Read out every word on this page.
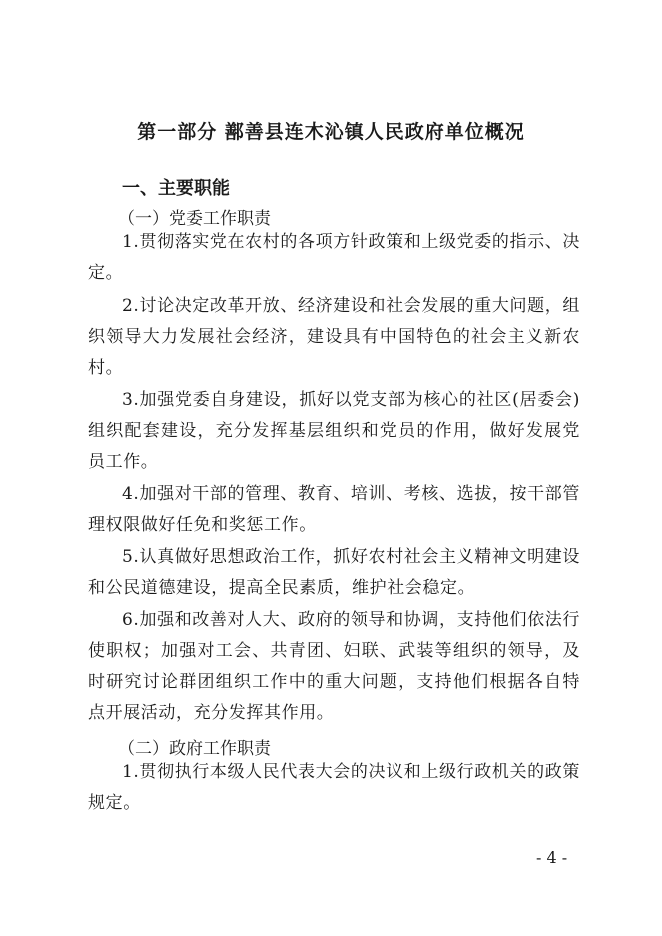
第一部分 鄯善县连木沁镇人民政府单位概况
一、主要职能
（一）党委工作职责
1.贯彻落实党在农村的各项方针政策和上级党委的指示、决定。
2.讨论决定改革开放、经济建设和社会发展的重大问题，组织领导大力发展社会经济，建设具有中国特色的社会主义新农村。
3.加强党委自身建设，抓好以党支部为核心的社区(居委会)组织配套建设，充分发挥基层组织和党员的作用，做好发展党员工作。
4.加强对干部的管理、教育、培训、考核、选拔，按干部管理权限做好任免和奖惩工作。
5.认真做好思想政治工作，抓好农村社会主义精神文明建设和公民道德建设，提高全民素质，维护社会稳定。
6.加强和改善对人大、政府的领导和协调，支持他们依法行使职权；加强对工会、共青团、妇联、武装等组织的领导，及时研究讨论群团组织工作中的重大问题，支持他们根据各自特点开展活动，充分发挥其作用。
（二）政府工作职责
1.贯彻执行本级人民代表大会的决议和上级行政机关的政策规定。
- 4 -
